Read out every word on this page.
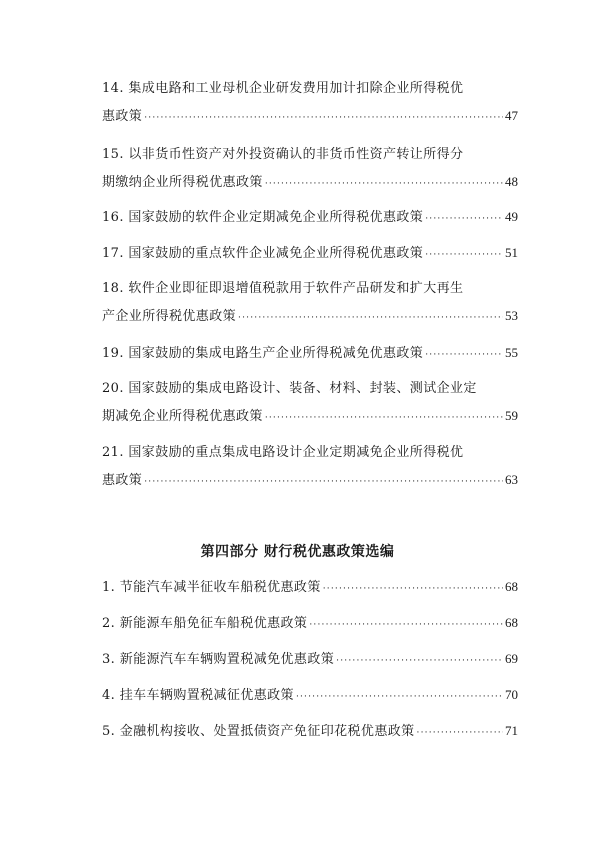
14. 集成电路和工业母机企业研发费用加计扣除企业所得税优
惠政策 ·····	47
15. 以非货币性资产对外投资确认的非货币性资产转让所得分
期缴纳企业所得税优惠政策 ·····	48
16. 国家鼓励的软件企业定期减免企业所得税优惠政策 ·····	49
17. 国家鼓励的重点软件企业减免企业所得税优惠政策 ·····	51
18. 软件企业即征即退增值税款用于软件产品研发和扩大再生
产企业所得税优惠政策 ·····	53
19. 国家鼓励的集成电路生产企业所得税减免优惠政策 ·····	55
20. 国家鼓励的集成电路设计、装备、材料、封装、测试企业定
期减免企业所得税优惠政策 ·····	59
21. 国家鼓励的重点集成电路设计企业定期减免企业所得税优
惠政策 ·····	63
1. 节能汽车减半征收车船税优惠政策 ·····	68
2. 新能源车船免征车船税优惠政策 ·····	68
3. 新能源汽车车辆购置税减免优惠政策 ·····	69
4. 挂车车辆购置税减征优惠政策 ·····	70
5. 金融机构接收、处置抵债资产免征印花税优惠政策 ·····	71
第四部分 财行税优惠政策选编
